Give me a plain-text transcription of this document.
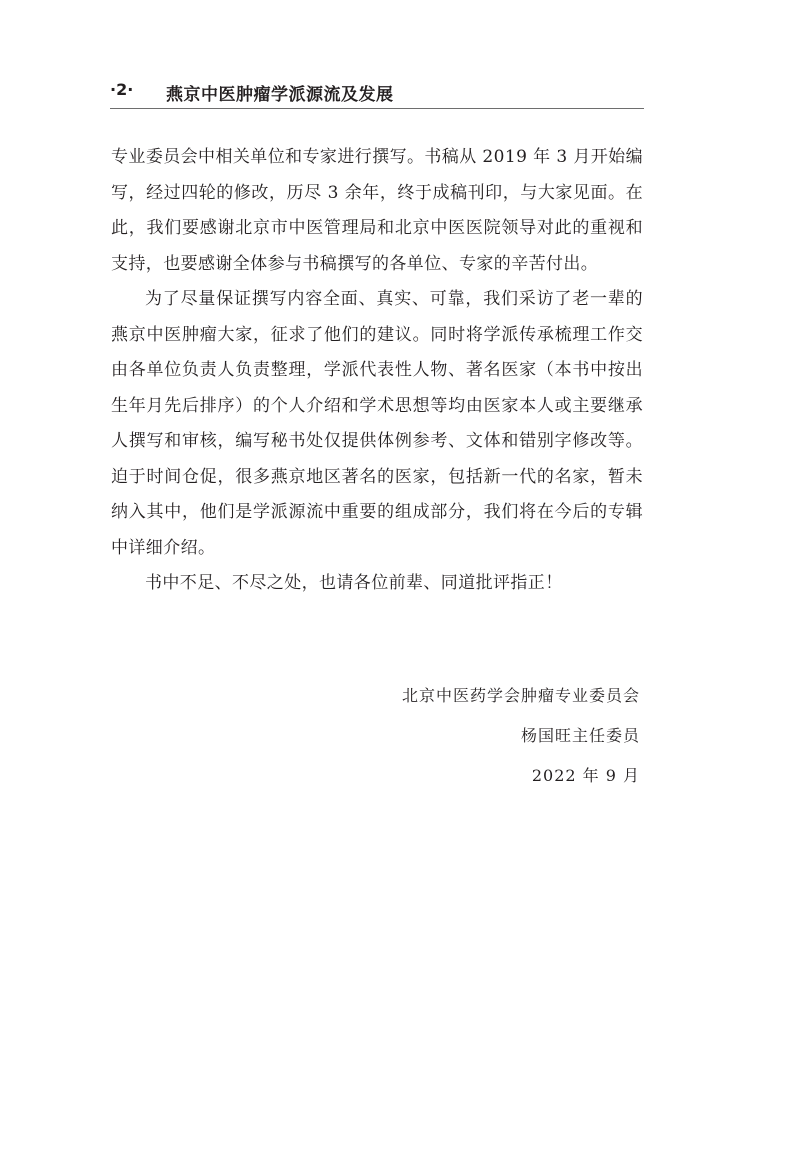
·2· 燕京中医肿瘤学派源流及发展

专业委员会中相关单位和专家进行撰写。书稿从 2019 年 3 月开始编写，经过四轮的修改，历尽 3 余年，终于成稿刊印，与大家见面。在此，我们要感谢北京市中医管理局和北京中医医院领导对此的重视和支持，也要感谢全体参与书稿撰写的各单位、专家的辛苦付出。

为了尽量保证撰写内容全面、真实、可靠，我们采访了老一辈的燕京中医肿瘤大家，征求了他们的建议。同时将学派传承梳理工作交由各单位负责人负责整理，学派代表性人物、著名医家（本书中按出生年月先后排序）的个人介绍和学术思想等均由医家本人或主要继承人撰写和审核，编写秘书处仅提供体例参考、文体和错别字修改等。迫于时间仓促，很多燕京地区著名的医家，包括新一代的名家，暂未纳入其中，他们是学派源流中重要的组成部分，我们将在今后的专辑中详细介绍。

书中不足、不尽之处，也请各位前辈、同道批评指正！

北京中医药学会肿瘤专业委员会
杨国旺主任委员
2022 年 9 月
